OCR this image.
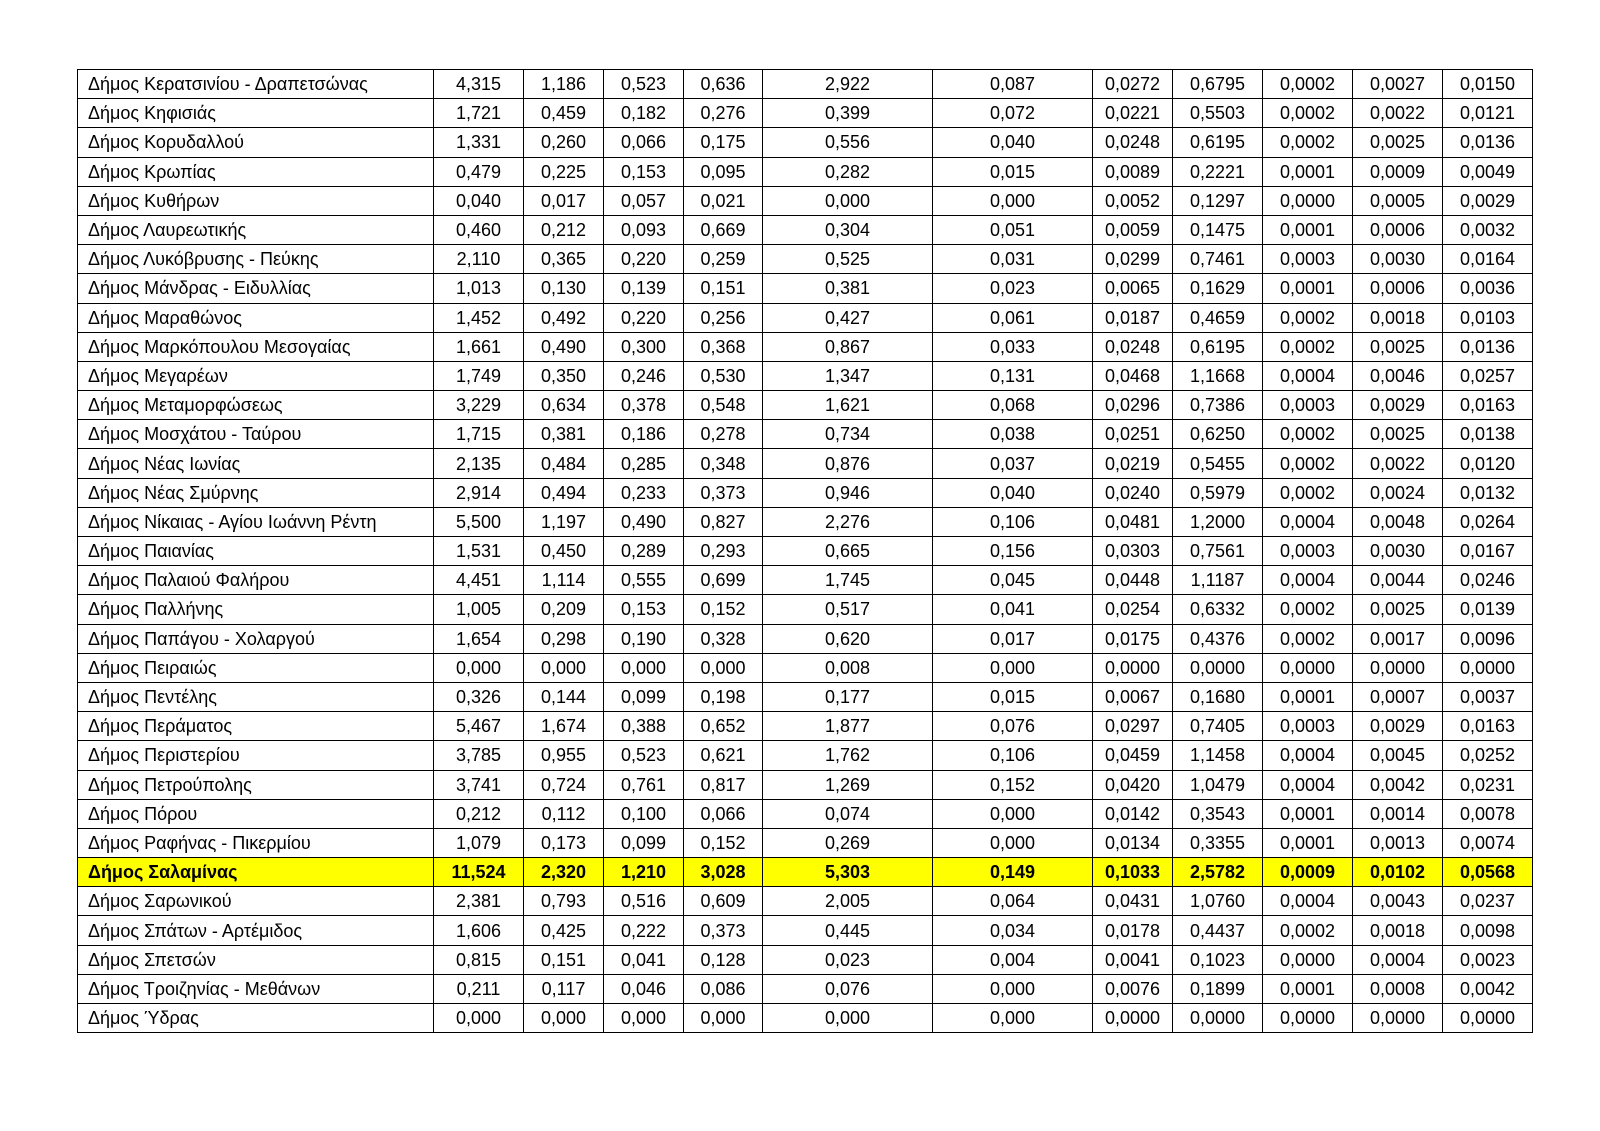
Δήμος Κερατσινίου - Δραπετσώνας	4,315	1,186	0,523	0,636	2,922	0,087	0,0272	0,6795	0,0002	0,0027	0,0150
Δήμος Κηφισιάς	1,721	0,459	0,182	0,276	0,399	0,072	0,0221	0,5503	0,0002	0,0022	0,0121
Δήμος Κορυδαλλού	1,331	0,260	0,066	0,175	0,556	0,040	0,0248	0,6195	0,0002	0,0025	0,0136
Δήμος Κρωπίας	0,479	0,225	0,153	0,095	0,282	0,015	0,0089	0,2221	0,0001	0,0009	0,0049
Δήμος Κυθήρων	0,040	0,017	0,057	0,021	0,000	0,000	0,0052	0,1297	0,0000	0,0005	0,0029
Δήμος Λαυρεωτικής	0,460	0,212	0,093	0,669	0,304	0,051	0,0059	0,1475	0,0001	0,0006	0,0032
Δήμος Λυκόβρυσης - Πεύκης	2,110	0,365	0,220	0,259	0,525	0,031	0,0299	0,7461	0,0003	0,0030	0,0164
Δήμος Μάνδρας - Ειδυλλίας	1,013	0,130	0,139	0,151	0,381	0,023	0,0065	0,1629	0,0001	0,0006	0,0036
Δήμος Μαραθώνος	1,452	0,492	0,220	0,256	0,427	0,061	0,0187	0,4659	0,0002	0,0018	0,0103
Δήμος Μαρκόπουλου Μεσογαίας	1,661	0,490	0,300	0,368	0,867	0,033	0,0248	0,6195	0,0002	0,0025	0,0136
Δήμος Μεγαρέων	1,749	0,350	0,246	0,530	1,347	0,131	0,0468	1,1668	0,0004	0,0046	0,0257
Δήμος Μεταμορφώσεως	3,229	0,634	0,378	0,548	1,621	0,068	0,0296	0,7386	0,0003	0,0029	0,0163
Δήμος Μοσχάτου - Ταύρου	1,715	0,381	0,186	0,278	0,734	0,038	0,0251	0,6250	0,0002	0,0025	0,0138
Δήμος Νέας Ιωνίας	2,135	0,484	0,285	0,348	0,876	0,037	0,0219	0,5455	0,0002	0,0022	0,0120
Δήμος Νέας Σμύρνης	2,914	0,494	0,233	0,373	0,946	0,040	0,0240	0,5979	0,0002	0,0024	0,0132
Δήμος Νίκαιας - Αγίου Ιωάννη Ρέντη	5,500	1,197	0,490	0,827	2,276	0,106	0,0481	1,2000	0,0004	0,0048	0,0264
Δήμος Παιανίας	1,531	0,450	0,289	0,293	0,665	0,156	0,0303	0,7561	0,0003	0,0030	0,0167
Δήμος Παλαιού Φαλήρου	4,451	1,114	0,555	0,699	1,745	0,045	0,0448	1,1187	0,0004	0,0044	0,0246
Δήμος Παλλήνης	1,005	0,209	0,153	0,152	0,517	0,041	0,0254	0,6332	0,0002	0,0025	0,0139
Δήμος Παπάγου - Χολαργού	1,654	0,298	0,190	0,328	0,620	0,017	0,0175	0,4376	0,0002	0,0017	0,0096
Δήμος Πειραιώς	0,000	0,000	0,000	0,000	0,008	0,000	0,0000	0,0000	0,0000	0,0000	0,0000
Δήμος Πεντέλης	0,326	0,144	0,099	0,198	0,177	0,015	0,0067	0,1680	0,0001	0,0007	0,0037
Δήμος Περάματος	5,467	1,674	0,388	0,652	1,877	0,076	0,0297	0,7405	0,0003	0,0029	0,0163
Δήμος Περιστερίου	3,785	0,955	0,523	0,621	1,762	0,106	0,0459	1,1458	0,0004	0,0045	0,0252
Δήμος Πετρούπολης	3,741	0,724	0,761	0,817	1,269	0,152	0,0420	1,0479	0,0004	0,0042	0,0231
Δήμος Πόρου	0,212	0,112	0,100	0,066	0,074	0,000	0,0142	0,3543	0,0001	0,0014	0,0078
Δήμος Ραφήνας - Πικερμίου	1,079	0,173	0,099	0,152	0,269	0,000	0,0134	0,3355	0,0001	0,0013	0,0074
Δήμος Σαλαμίνας	11,524	2,320	1,210	3,028	5,303	0,149	0,1033	2,5782	0,0009	0,0102	0,0568
Δήμος Σαρωνικού	2,381	0,793	0,516	0,609	2,005	0,064	0,0431	1,0760	0,0004	0,0043	0,0237
Δήμος Σπάτων - Αρτέμιδος	1,606	0,425	0,222	0,373	0,445	0,034	0,0178	0,4437	0,0002	0,0018	0,0098
Δήμος Σπετσών	0,815	0,151	0,041	0,128	0,023	0,004	0,0041	0,1023	0,0000	0,0004	0,0023
Δήμος Τροιζηνίας - Μεθάνων	0,211	0,117	0,046	0,086	0,076	0,000	0,0076	0,1899	0,0001	0,0008	0,0042
Δήμος Ύδρας	0,000	0,000	0,000	0,000	0,000	0,000	0,0000	0,0000	0,0000	0,0000	0,0000
